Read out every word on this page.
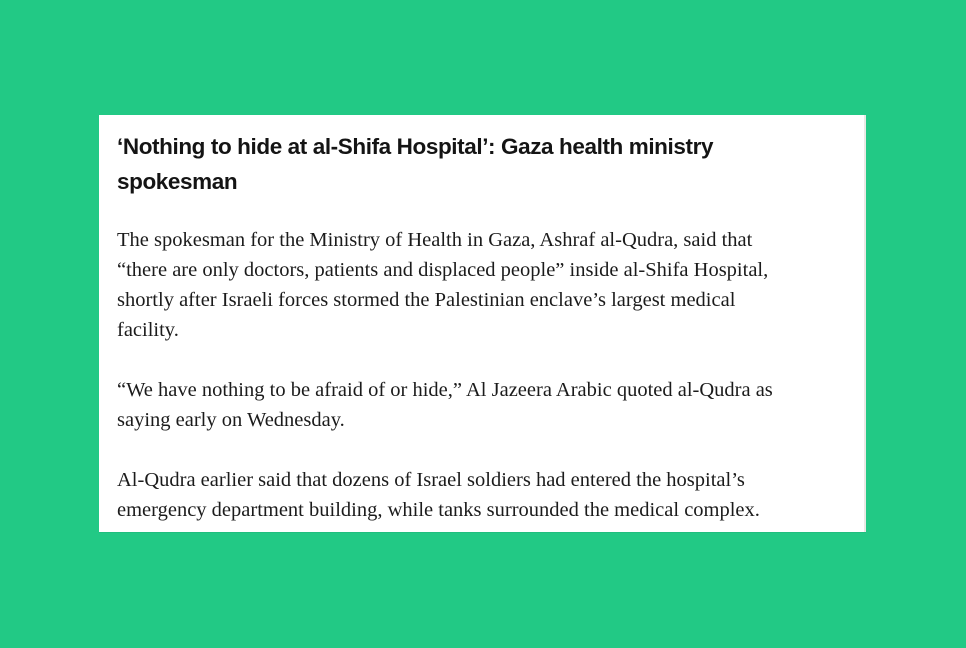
‘Nothing to hide at al-Shifa Hospital’: Gaza health ministry
spokesman

The spokesman for the Ministry of Health in Gaza, Ashraf al-Qudra, said that
“there are only doctors, patients and displaced people” inside al-Shifa Hospital,
shortly after Israeli forces stormed the Palestinian enclave’s largest medical
facility.

“We have nothing to be afraid of or hide,” Al Jazeera Arabic quoted al-Qudra as
saying early on Wednesday.

Al-Qudra earlier said that dozens of Israel soldiers had entered the hospital’s
emergency department building, while tanks surrounded the medical complex.
